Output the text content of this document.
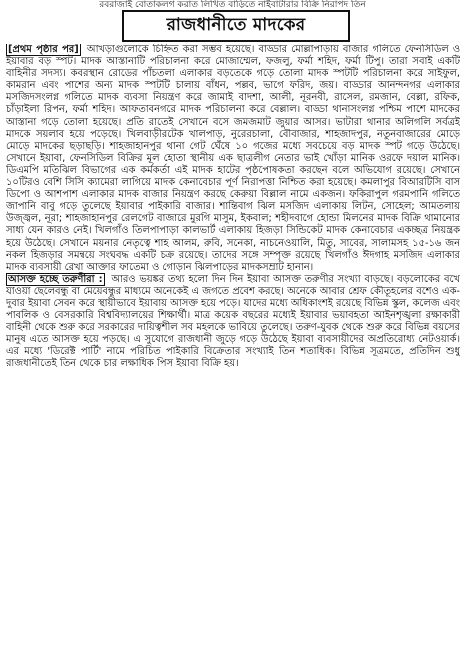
রবরাজাই বোতাকলগ করাত লিখিত বাড়িতে নাইবাটারার বিক্রি নিরাপদ তিন
রাজধানীতে মাদকের

[প্রথম পৃষ্ঠার পর] আখড়াগুলোকে চিহ্নিত করা সম্ভব হয়েছে। বাড্ডার মোল্লাপাড়ায় বাজার গলিতে ফেনসিডিল ও ইয়াবার বড় স্পট। মাদক আস্তানাটি পরিচালনা করে মোজাম্মেল, ফজলু, ফর্মা শহিদ, ফর্মা টিপু। তারা সবাই একটি বাহিনীর সদস্য। কবরস্থান রোডের পাঁচতলা এলাকার বড়তেকে গড়ে তোলা মাদক স্পটটি পরিচালনা করে সাইফুল, কামরান এবং পাশের অন্য মাদক স্পটটি চালায় বাঁধন, পল্লব, ভাগে ফরিদ, জয়। বাড্ডার আনন্দনগর এলাকার মসজিদসংলগ্ন গলিতে মাদক ব্যবসা নিয়ন্ত্রণ করে জামাই বাদশা, আলী, নূরনবী, রাসেল, রমজান, বেল্লা, রফিক, চাঁড়াইলা রিপন, ফর্মা শহিদ। আফতাবনগরে মাদক পরিচালনা করে বেল্লাল। বাড্ডা থানাসংলগ্ন পশ্চিম পাশে মাদকের আস্তানা গড়ে তোলা হয়েছে। প্রতি রাতেই সেখানে বসে জমজমাট জুয়ার আসর। ভাটারা থানার অলিগলি সর্বত্রই মাদকে সয়লাব হয়ে পড়েছে। খিলবাড়ীরটেক খালপাড়, নুরেরচালা, বৌবাজার, শাহজাদপুর, নতুনবাজারের মোড়ে মোড়ে মাদকের ছড়াছড়ি। শাহজাহানপুর থানা গেট ঘেঁষে ১০ গজের মধ্যে সবচেয়ে বড় মাদক স্পট গড়ে উঠেছে। সেখানে ইয়াবা, ফেনসিডিল বিক্রির মূল হোতা স্থানীয় এক ছাত্রলীগ নেতার ভাই খোঁড়া মানিক ওরফে দয়াল মানিক। ডিএমপি মতিঝিল বিভাগের এক কর্মকর্তা এই মাদক হাটের পৃষ্ঠপোষকতা করছেন বলে অভিযোগ রয়েছে। সেখানে ১০টিরও বেশি সিসি ক্যামেরা লাগিয়ে মাদক কেনাবেচার পূর্ণ নিরাপত্তা নিশ্চিত করা হয়েছে। কমলাপুর বিআরটিসি বাস ডিপো ও আশপাশ এলাকার মাদক বাজার নিয়ন্ত্রণ করছে কেরুয়া বিল্লাল নামে একজন। ফকিরাপুল গরমপানি গলিতে জাপানি বাবু গড়ে তুলেছে ইয়াবার পাইকারি বাজার। শান্তিবাগ ঝিল মসজিদ এলাকায় লিটন, সোহেল; আমতলায় উজ্জ্বল, নূরা; শাহজাহানপুর রেলগেট বাজারে মুরগি মাসুম, ইকবাল; শহীদবাগে হোন্ডা মিলনের মাদক বিক্রি থামানোর সাধ্য যেন কারও নেই। খিলগাঁও তিলপাপাড়া কালভার্ট এলাকায় হিজড়া সিন্ডিকেট মাদক কেনাবেচার একচ্ছত্র নিয়ন্ত্রক হয়ে উঠেছে। সেখানে ময়নার নেতৃত্বে শাহ আলম, রুবি, সনেকা, নাচনেওয়ালি, মিতু, সাবের, সালামসহ ১৫-১৬ জন নকল হিজড়ার সমন্বয়ে সংঘবদ্ধ একটি চক্র রয়েছে। তাদের সঙ্গে সম্পৃক্ত রয়েছে খিলগাঁও ঈদগাহ মসজিদ এলাকার মাদক ব্যবসায়ী রেখা আক্তার ফাতেমা ও গোড়ান ঝিলপাড়ের মাদকসম্রাট হানান।

আসক্ত হচ্ছে তরুণীরা : আরও ভয়ঙ্কর তথ্য হলো দিন দিন ইয়াবা আসক্ত তরুণীর সংখ্যা বাড়ছে। বড়লোকের বখে যাওয়া ছেলেবন্ধু বা মেয়েবন্ধুর মাধ্যমে অনেকেই এ জগতে প্রবেশ করছে। অনেকে আবার শ্রেফ কৌতূহলের বশেও এক-দুবার ইয়াবা সেবন করে স্থায়ীভাবে ইয়াবায় আসক্ত হয়ে পড়ে। যাদের মধ্যে অধিকাংশই রয়েছে বিভিন্ন স্কুল, কলেজ এবং পাবলিক ও বেসরকারি বিশ্ববিদ্যালয়ের শিক্ষার্থী। মাত্র কয়েক বছরের মধ্যেই ইয়াবার ভয়াবহতা আইনশৃঙ্খলা রক্ষাকারী বাহিনী থেকে শুরু করে সরকারের দায়িত্বশীল সব মহলকে ভাবিয়ে তুলেছে। তরুণ-যুবক থেকে শুরু করে বিভিন্ন বয়সের মানুষ এতে আসক্ত হয়ে পড়ছে। এ সুযোগে রাজধানী জুড়ে গড়ে উঠেছে ইয়াবা ব্যবসায়ীদের অপ্রতিরোধ্য নেটওয়ার্ক। এর মধ্যে 'ডিরেক্ট পার্টি' নামে পরিচিত পাইকারি বিক্রেতার সংখ্যাই তিন শতাধিক। বিভিন্ন সূত্রমতে, প্রতিদিন শুধু রাজধানীতেই তিন থেকে চার লক্ষাধিক পিস ইয়াবা বিক্রি হয়।
